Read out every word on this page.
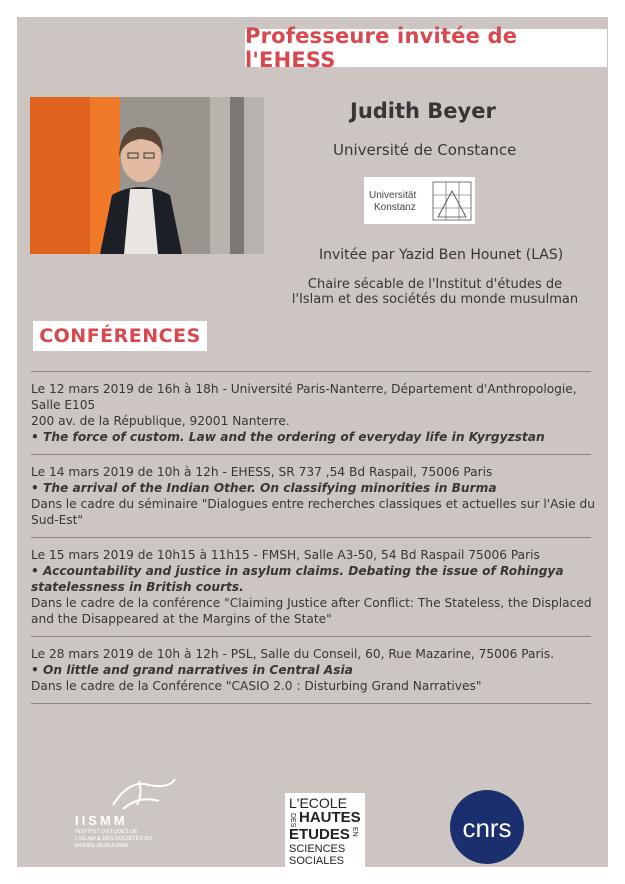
Professeure invitée de l'EHESS
Judith Beyer
Université de Constance
Universität
Konstanz
Invitée par Yazid Ben Hounet (LAS)
Chaire sécable de l'Institut d'études de l'Islam et des sociétés du monde musulman
CONFÉRENCES
Le 12 mars 2019 de 16h à 18h - Université Paris-Nanterre, Département d'Anthropologie, Salle E105
200 av. de la République, 92001 Nanterre.
• The force of custom. Law and the ordering of everyday life in Kyrgyzstan
Le 14 mars 2019 de 10h à 12h - EHESS, SR 737 ,54 Bd Raspail, 75006 Paris
• The arrival of the Indian Other. On classifying minorities in Burma
Dans le cadre du séminaire "Dialogues entre recherches classiques et actuelles sur l'Asie du Sud-Est"
Le 15 mars 2019 de 10h15 à 11h15 - FMSH, Salle A3-50, 54 Bd Raspail 75006 Paris
• Accountability and justice in asylum claims. Debating the issue of Rohingya statelessness in British courts.
Dans le cadre de la conférence "Claiming Justice after Conflict: The Stateless, the Displaced and the Disappeared at the Margins of the State"
Le 28 mars 2019 de 10h à 12h - PSL, Salle du Conseil, 60, Rue Mazarine, 75006 Paris.
• On little and grand narratives in Central Asia
Dans le cadre de la Conférence "CASIO 2.0 : Disturbing Grand Narratives"
IISMM
INSTITUT D'ÉTUDES DE L'ISLAM & DES SOCIÉTÉS DU MONDE MUSULMAN
L'ECOLE
DES HAUTES
ETUDES EN
SCIENCES
SOCIALES
cnrs
